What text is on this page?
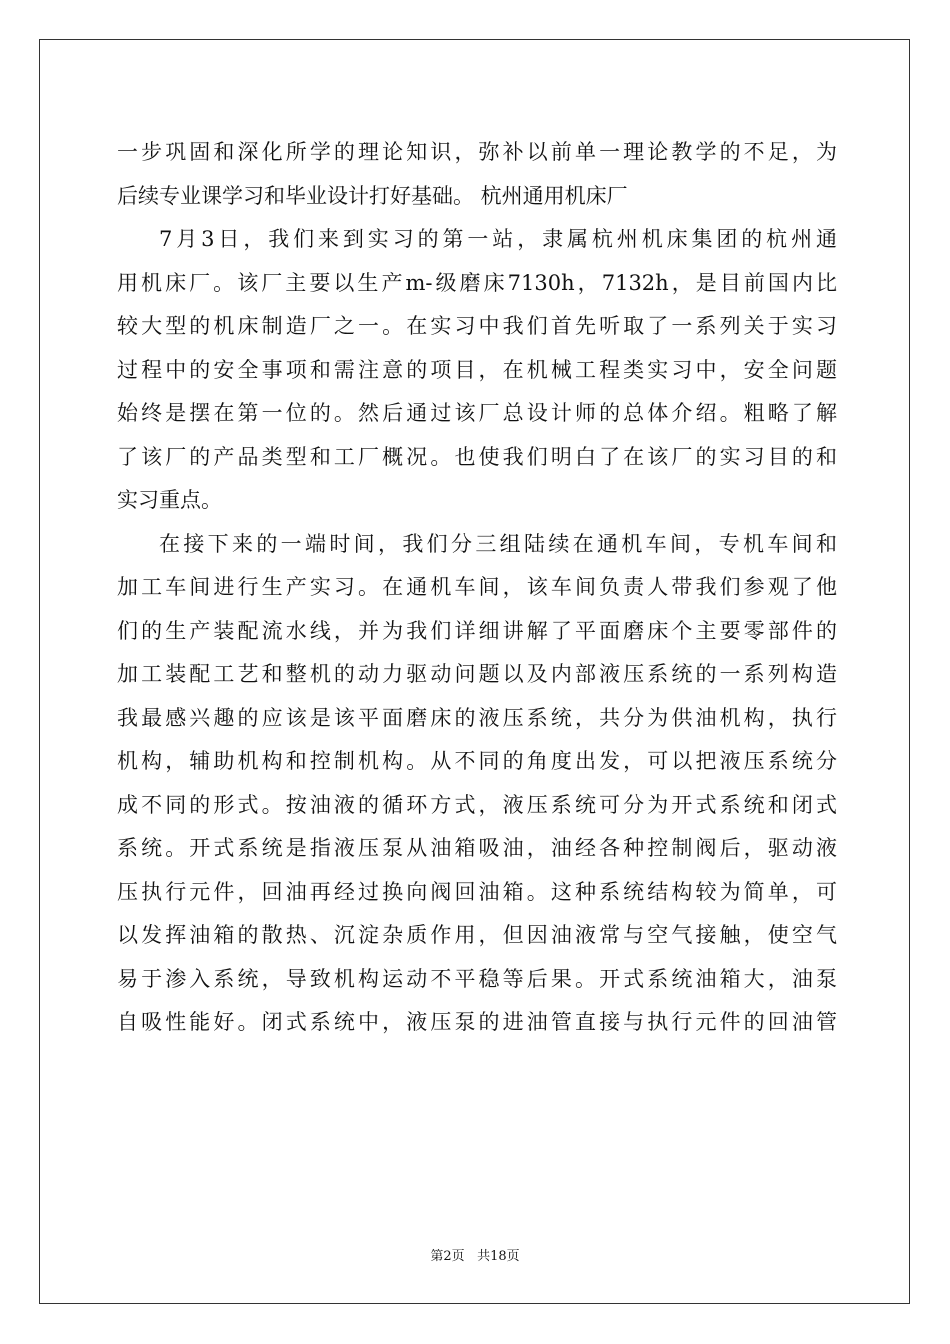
一步巩固和深化所学的理论知识，弥补以前单一理论教学的不足，为
后续专业课学习和毕业设计打好基础。 杭州通用机床厂
7月3日，我们来到实习的第一站，隶属杭州机床集团的杭州通
用机床厂。该厂主要以生产m-级磨床7130h，7132h，是目前国内比
较大型的机床制造厂之一。在实习中我们首先听取了一系列关于实习
过程中的安全事项和需注意的项目，在机械工程类实习中，安全问题
始终是摆在第一位的。然后通过该厂总设计师的总体介绍。粗略了解
了该厂的产品类型和工厂概况。也使我们明白了在该厂的实习目的和
实习重点。
在接下来的一端时间，我们分三组陆续在通机车间，专机车间和
加工车间进行生产实习。在通机车间，该车间负责人带我们参观了他
们的生产装配流水线，并为我们详细讲解了平面磨床个主要零部件的
加工装配工艺和整机的动力驱动问题以及内部液压系统的一系列构造
我最感兴趣的应该是该平面磨床的液压系统，共分为供油机构，执行
机构，辅助机构和控制机构。从不同的角度出发，可以把液压系统分
成不同的形式。按油液的循环方式，液压系统可分为开式系统和闭式
系统。开式系统是指液压泵从油箱吸油，油经各种控制阀后，驱动液
压执行元件，回油再经过换向阀回油箱。这种系统结构较为简单，可
以发挥油箱的散热、沉淀杂质作用，但因油液常与空气接触，使空气
易于渗入系统，导致机构运动不平稳等后果。开式系统油箱大，油泵
自吸性能好。闭式系统中，液压泵的进油管直接与执行元件的回油管
第2页 共18页
